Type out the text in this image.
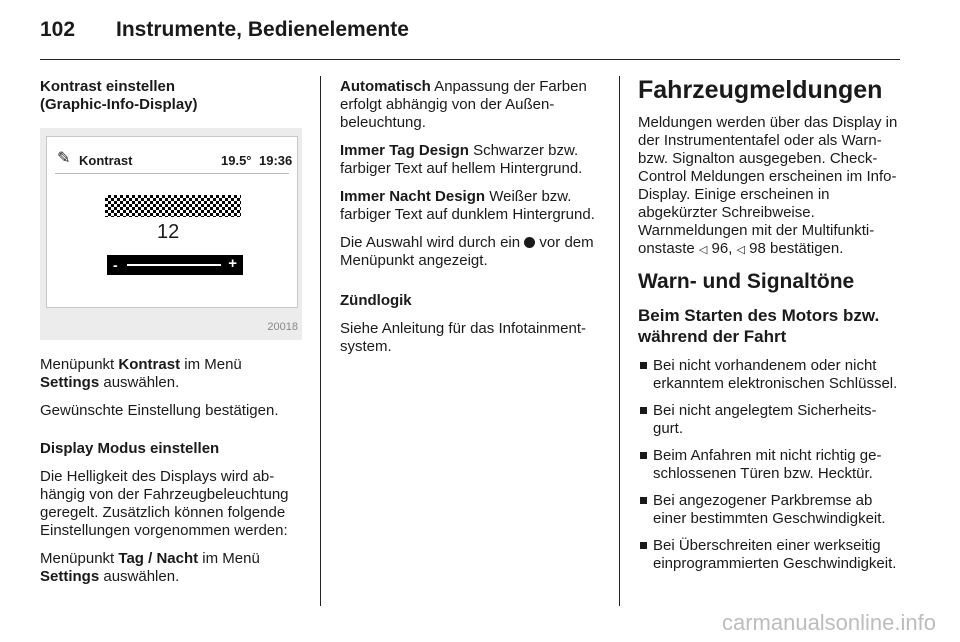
102 Instrumente, Bedienelemente

Kontrast einstellen
(Graphic-Info-Display)

✎ Kontrast	19.5° 19:36
12
-	+
20018

Menüpunkt Kontrast im Menü
Settings auswählen.

Gewünschte Einstellung bestätigen.

Display Modus einstellen

Die Helligkeit des Displays wird abhängig von der Fahrzeugbeleuchtung geregelt. Zusätzlich können folgende Einstellungen vorgenommen werden:

Menüpunkt Tag / Nacht im Menü
Settings auswählen.

Automatisch Anpassung der Farben erfolgt abhängig von der Außenbeleuchtung.

Immer Tag Design Schwarzer bzw. farbiger Text auf hellem Hintergrund.

Immer Nacht Design Weißer bzw. farbiger Text auf dunklem Hintergrund.

Die Auswahl wird durch ein  vor dem Menüpunkt angezeigt.

Zündlogik

Siehe Anleitung für das Infotainment-system.

Fahrzeugmeldungen

Meldungen werden über das Display in der Instrumententafel oder als Warn- bzw. Signalton ausgegeben. Check-Control Meldungen erscheinen im Info-Display. Einige erscheinen in abgekürzter Schreibweise. Warnmeldungen mit der Multifunktionstaste ◁ 96, ◁ 98 bestätigen.

Warn- und Signaltöne

Beim Starten des Motors bzw. während der Fahrt

Bei nicht vorhandenem oder nicht erkanntem elektronischen Schlüssel.
Bei nicht angelegtem Sicherheitsgurt.
Beim Anfahren mit nicht richtig geschlossenen Türen bzw. Hecktür.
Bei angezogener Parkbremse ab einer bestimmten Geschwindigkeit.
Bei Überschreiten einer werkseitig einprogrammierten Geschwindigkeit.
carmanualsonline.info
